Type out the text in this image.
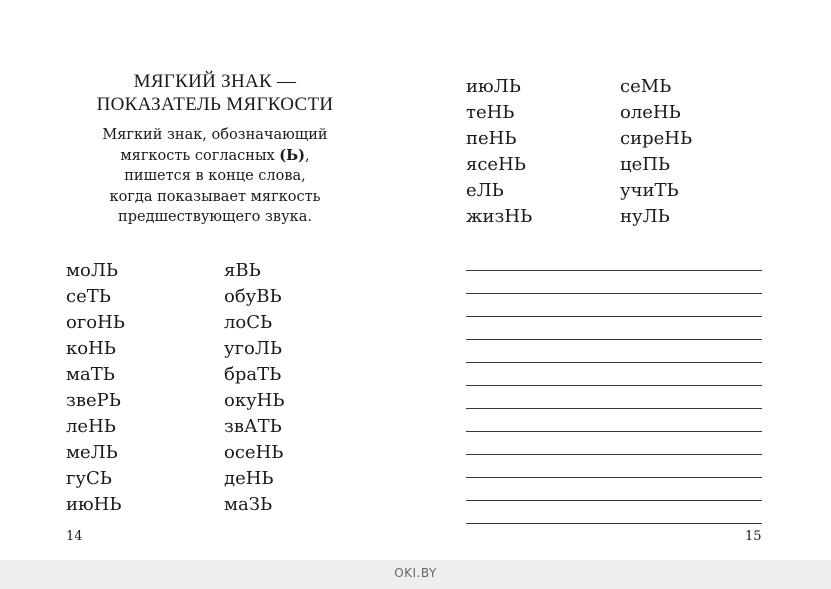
МЯГКИЙ ЗНАК —
ПОКАЗАТЕЛЬ МЯГКОСТИ
Мягкий знак, обозначающий
мягкость согласных (Ь),
пишется в конце слова,
когда показывает мягкость
предшествующего звука.
моЛЬ
сеТЬ
огоНЬ
коНЬ
маТЬ
звеРЬ
леНЬ
меЛЬ
гуСЬ
июНЬ
яВЬ
обуВЬ
лоСЬ
угоЛЬ
браТЬ
окуНЬ
звАТЬ
осеНЬ
деНЬ
маЗЬ
14
июЛЬ
теНЬ
пеНЬ
ясеНЬ
еЛЬ
жизНЬ
сеМЬ
олеНЬ
сиреНЬ
цеПЬ
учиТЬ
нуЛЬ
15
OKI.BY
